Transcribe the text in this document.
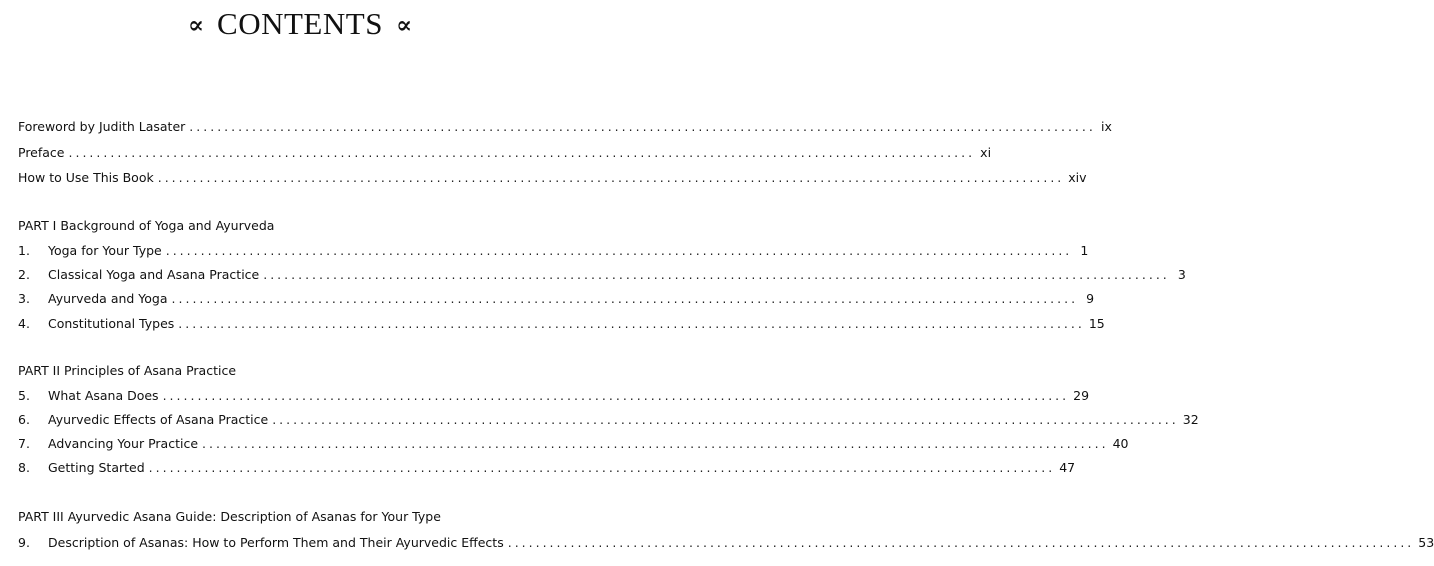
∝ CONTENTS ∝
Foreword by Judith Lasater .................................................................................................................................. ix
Preface .................................................................................................................................. xi
How to Use This Book .................................................................................................................................. xiv
PART I Background of Yoga and Ayurveda
1.	Yoga for Your Type .................................................................................................................................. 1
2.	Classical Yoga and Asana Practice .................................................................................................................................. 3
3.	Ayurveda and Yoga .................................................................................................................................. 9
4.	Constitutional Types .................................................................................................................................. 15
PART II Principles of Asana Practice
5.	What Asana Does .................................................................................................................................. 29
6.	Ayurvedic Effects of Asana Practice .................................................................................................................................. 32
7.	Advancing Your Practice .................................................................................................................................. 40
8.	Getting Started .................................................................................................................................. 47
PART III Ayurvedic Asana Guide: Description of Asanas for Your Type
9.	Description of Asanas: How to Perform Them and Their Ayurvedic Effects .................................................................................................................................. 53
